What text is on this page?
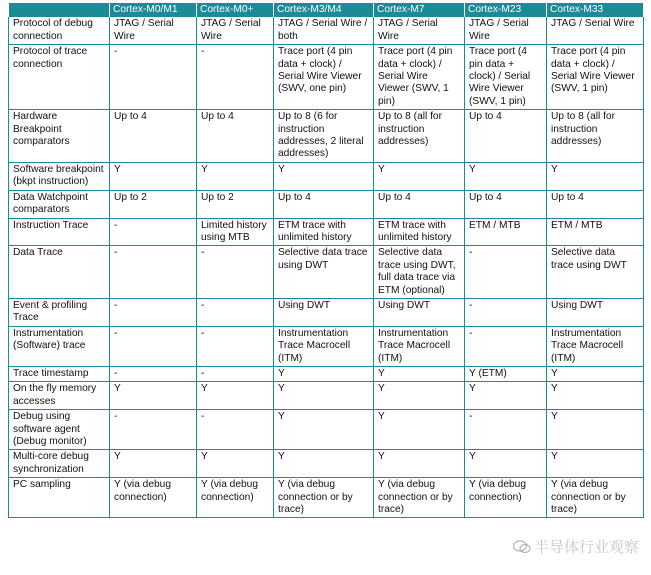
	Cortex-M0/M1	Cortex-M0+	Cortex-M3/M4	Cortex-M7	Cortex-M23	Cortex-M33
Protocol of debug connection	JTAG / Serial Wire	JTAG / Serial Wire	JTAG / Serial Wire / both	JTAG / Serial Wire	JTAG / Serial Wire	JTAG / Serial Wire
Protocol of trace connection	-	-	Trace port (4 pin data + clock) / Serial Wire Viewer (SWV, one pin)	Trace port (4 pin data + clock) / Serial Wire Viewer (SWV, 1 pin)	Trace port (4 pin data + clock) / Serial Wire Viewer (SWV, 1 pin)	Trace port (4 pin data + clock) / Serial Wire Viewer (SWV, 1 pin)
Hardware Breakpoint comparators	Up to 4	Up to 4	Up to 8 (6 for instruction addresses, 2 literal addresses)	Up to 8 (all for instruction addresses)	Up to 4	Up to 8 (all for instruction addresses)
Software breakpoint (bkpt instruction)	Y	Y	Y	Y	Y	Y
Data Watchpoint comparators	Up to 2	Up to 2	Up to 4	Up to 4	Up to 4	Up to 4
Instruction Trace	-	Limited history using MTB	ETM trace with unlimited history	ETM trace with unlimited history	ETM / MTB	ETM / MTB
Data Trace	-	-	Selective data trace using DWT	Selective data trace using DWT, full data trace via ETM (optional)	-	Selective data trace using DWT
Event & profiling Trace	-	-	Using DWT	Using DWT	-	Using DWT
Instrumentation (Software) trace	-	-	Instrumentation Trace Macrocell (ITM)	Instrumentation Trace Macrocell (ITM)	-	Instrumentation Trace Macrocell (ITM)
Trace timestamp	-	-	Y	Y	Y (ETM)	Y
On the fly memory accesses	Y	Y	Y	Y	Y	Y
Debug using software agent (Debug monitor)	-	-	Y	Y	-	Y
Multi-core debug synchronization	Y	Y	Y	Y	Y	Y
PC sampling	Y (via debug connection)	Y (via debug connection)	Y (via debug connection or by trace)	Y (via debug connection or by trace)	Y (via debug connection)	Y (via debug connection or by trace)
半导体行业观察
